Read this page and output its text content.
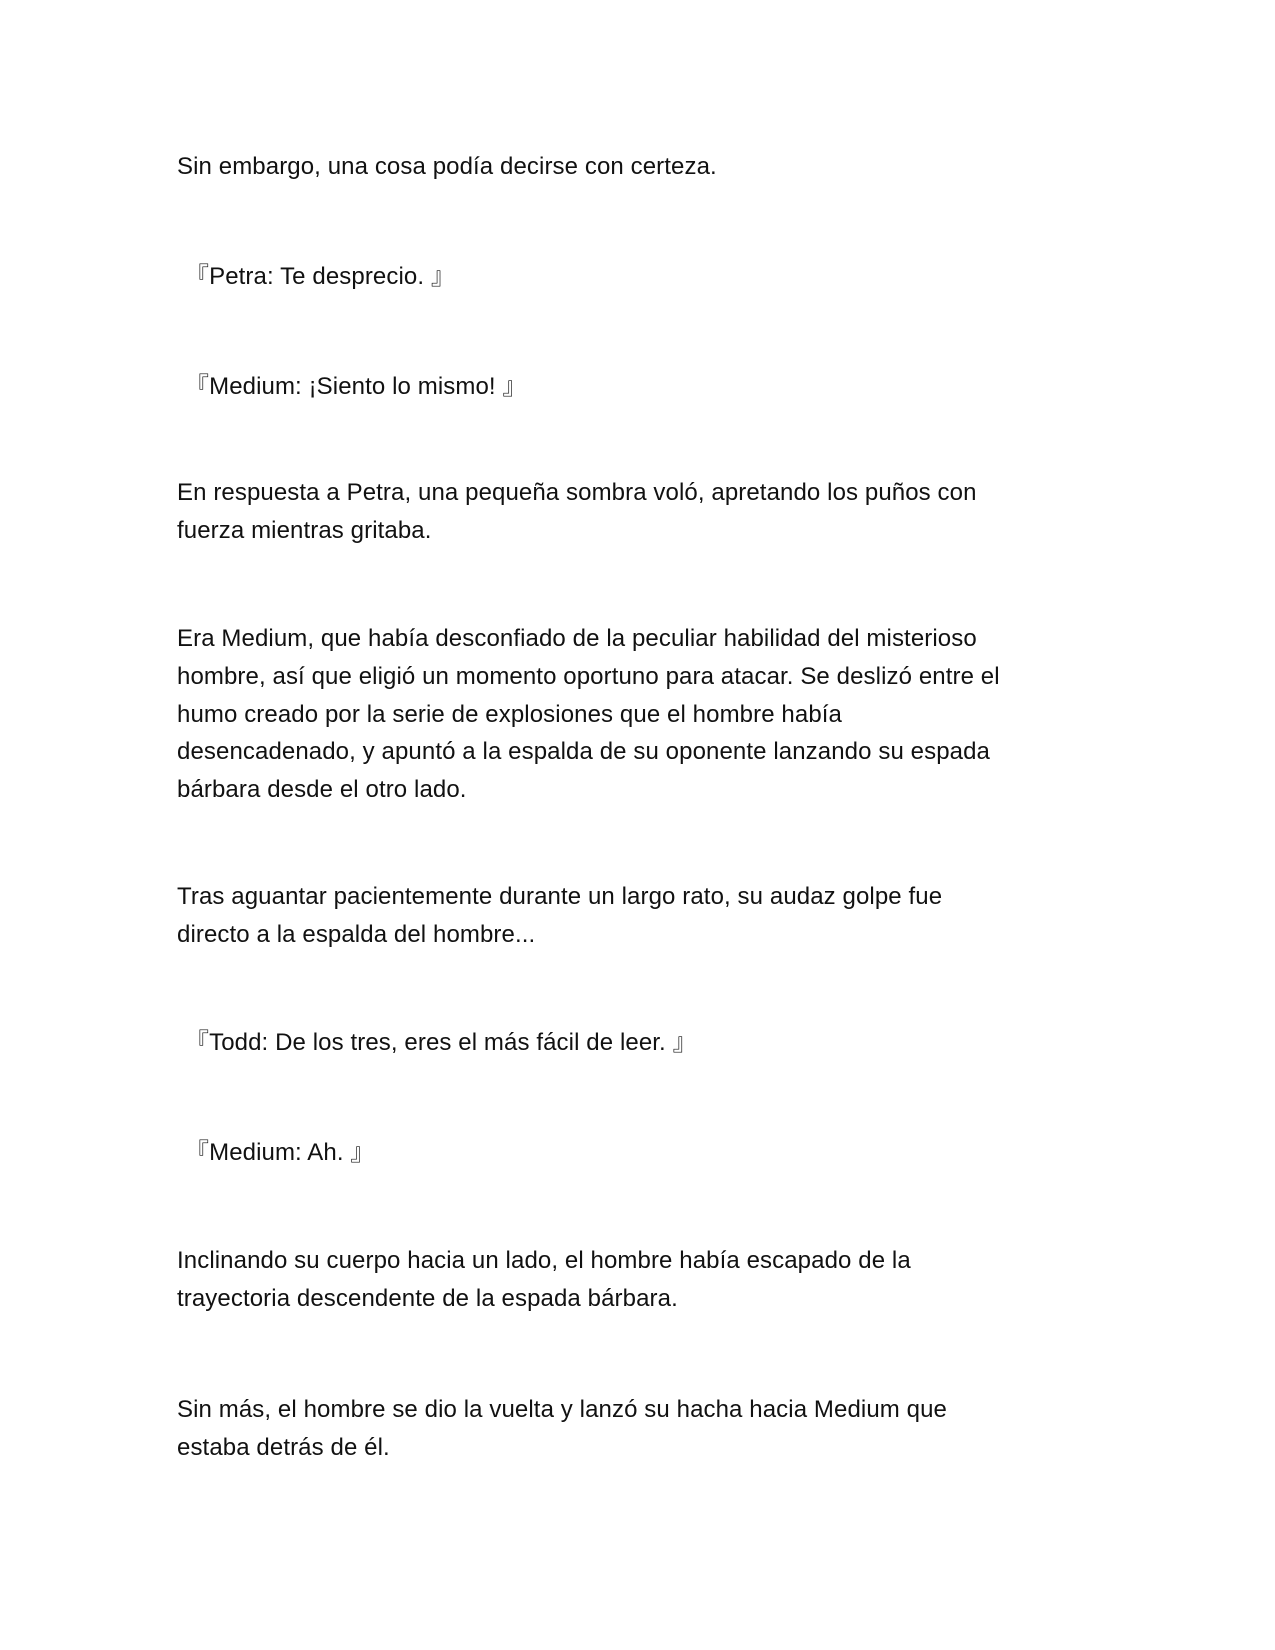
Sin embargo, una cosa podía decirse con certeza.

『Petra: Te desprecio. 』

『Medium: ¡Siento lo mismo! 』

En respuesta a Petra, una pequeña sombra voló, apretando los puños con

fuerza mientras gritaba.

Era Medium, que había desconfiado de la peculiar habilidad del misterioso

hombre, así que eligió un momento oportuno para atacar. Se deslizó entre el

humo creado por la serie de explosiones que el hombre había

desencadenado, y apuntó a la espalda de su oponente lanzando su espada

bárbara desde el otro lado.

Tras aguantar pacientemente durante un largo rato, su audaz golpe fue

directo a la espalda del hombre...

『Todd: De los tres, eres el más fácil de leer. 』

『Medium: Ah. 』

Inclinando su cuerpo hacia un lado, el hombre había escapado de la

trayectoria descendente de la espada bárbara.

Sin más, el hombre se dio la vuelta y lanzó su hacha hacia Medium que

estaba detrás de él.
